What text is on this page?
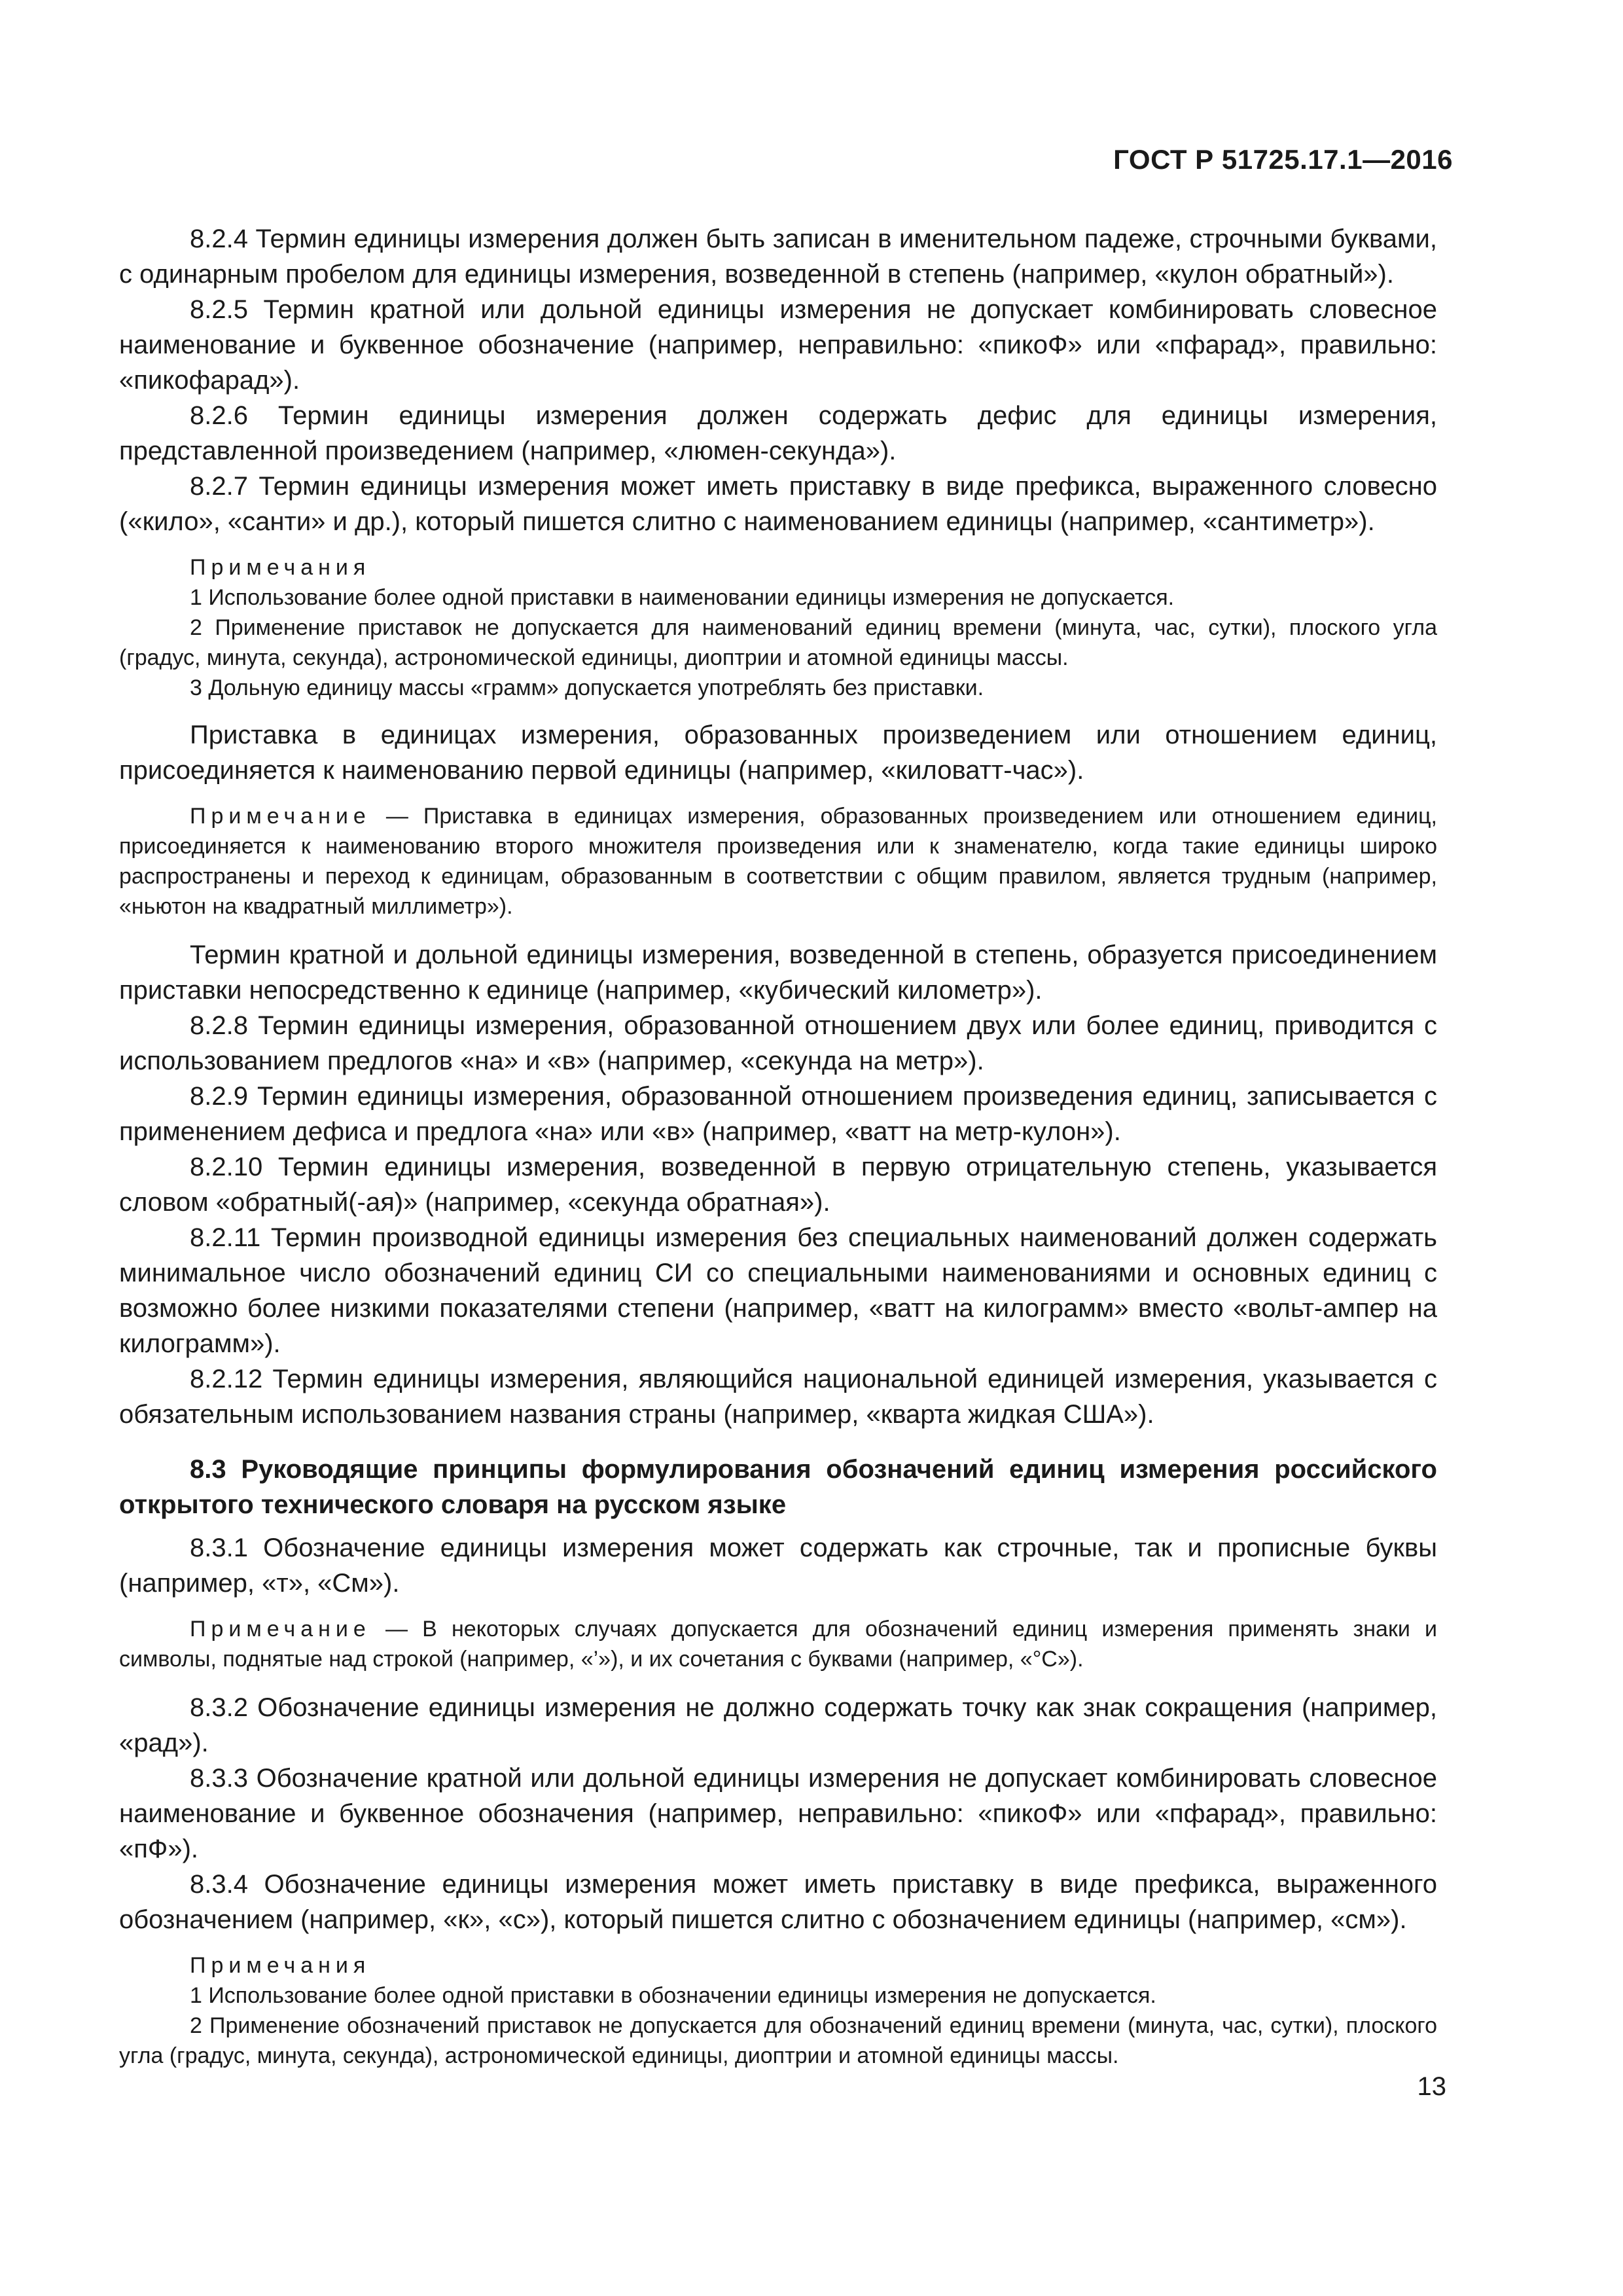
ГОСТ Р 51725.17.1—2016

8.2.4 Термин единицы измерения должен быть записан в именительном падеже, строчными буквами, с одинарным пробелом для единицы измерения, возведенной в степень (например, «кулон обратный»).

8.2.5 Термин кратной или дольной единицы измерения не допускает комбинировать словесное наименование и буквенное обозначение (например, неправильно: «пикоФ» или «пфарад», правильно: «пикофарад»).

8.2.6 Термин единицы измерения должен содержать дефис для единицы измерения, представленной произведением (например, «люмен-секунда»).

8.2.7 Термин единицы измерения может иметь приставку в виде префикса, выраженного словесно («кило», «санти» и др.), который пишется слитно с наименованием единицы (например, «сантиметр»).

Примечания

1 Использование более одной приставки в наименовании единицы измерения не допускается.

2 Применение приставок не допускается для наименований единиц времени (минута, час, сутки), плоского угла (градус, минута, секунда), астрономической единицы, диоптрии и атомной единицы массы.

3 Дольную единицу массы «грамм» допускается употреблять без приставки.

Приставка в единицах измерения, образованных произведением или отношением единиц, присоединяется к наименованию первой единицы (например, «киловатт-час»).

Примечание — Приставка в единицах измерения, образованных произведением или отношением единиц, присоединяется к наименованию второго множителя произведения или к знаменателю, когда такие единицы широко распространены и переход к единицам, образованным в соответствии с общим правилом, является трудным (например, «ньютон на квадратный миллиметр»).

Термин кратной и дольной единицы измерения, возведенной в степень, образуется присоединением приставки непосредственно к единице (например, «кубический километр»).

8.2.8 Термин единицы измерения, образованной отношением двух или более единиц, приводится с использованием предлогов «на» и «в» (например, «секунда на метр»).

8.2.9 Термин единицы измерения, образованной отношением произведения единиц, записывается с применением дефиса и предлога «на» или «в» (например, «ватт на метр-кулон»).

8.2.10 Термин единицы измерения, возведенной в первую отрицательную степень, указывается словом «обратный(-ая)» (например, «секунда обратная»).

8.2.11 Термин производной единицы измерения без специальных наименований должен содержать минимальное число обозначений единиц СИ со специальными наименованиями и основных единиц с возможно более низкими показателями степени (например, «ватт на килограмм» вместо «вольт-ампер на килограмм»).

8.2.12 Термин единицы измерения, являющийся национальной единицей измерения, указывается с обязательным использованием названия страны (например, «кварта жидкая США»).

8.3 Руководящие принципы формулирования обозначений единиц измерения российского открытого технического словаря на русском языке

8.3.1 Обозначение единицы измерения может содержать как строчные, так и прописные буквы (например, «т», «См»).

Примечание — В некоторых случаях допускается для обозначений единиц измерения применять знаки и символы, поднятые над строкой (например, «’»), и их сочетания с буквами (например, «°С»).

8.3.2 Обозначение единицы измерения не должно содержать точку как знак сокращения (например, «рад»).

8.3.3 Обозначение кратной или дольной единицы измерения не допускает комбинировать словесное наименование и буквенное обозначения (например, неправильно: «пикоФ» или «пфарад», правильно: «пФ»).

8.3.4 Обозначение единицы измерения может иметь приставку в виде префикса, выраженного обозначением (например, «к», «с»), который пишется слитно с обозначением единицы (например, «см»).

Примечания

1 Использование более одной приставки в обозначении единицы измерения не допускается.

2 Применение обозначений приставок не допускается для обозначений единиц времени (минута, час, сутки), плоского угла (градус, минута, секунда), астрономической единицы, диоптрии и атомной единицы массы.

13
